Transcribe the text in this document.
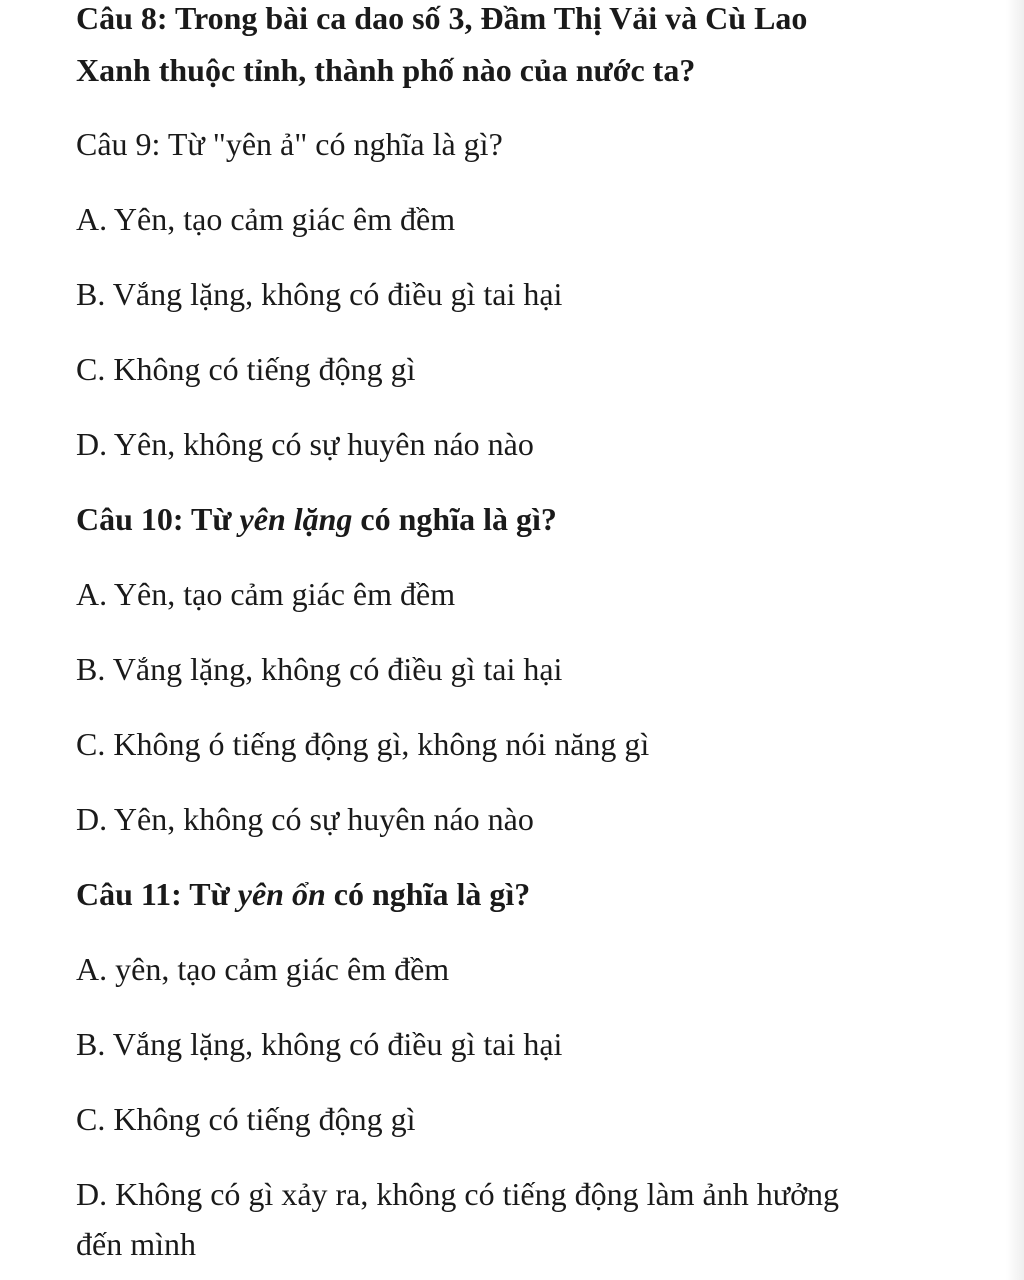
Câu 8: Trong bài ca dao số 3, Đầm Thị Vải và Cù Lao
Xanh thuộc tỉnh, thành phố nào của nước ta?
Câu 9: Từ "yên ả" có nghĩa là gì?
A. Yên, tạo cảm giác êm đềm
B. Vắng lặng, không có điều gì tai hại
C. Không có tiếng động gì
D. Yên, không có sự huyên náo nào
Câu 10: Từ yên lặng có nghĩa là gì?
A. Yên, tạo cảm giác êm đềm
B. Vắng lặng, không có điều gì tai hại
C. Không ó tiếng động gì, không nói năng gì
D. Yên, không có sự huyên náo nào
Câu 11: Từ yên ổn có nghĩa là gì?
A. yên, tạo cảm giác êm đềm
B. Vắng lặng, không có điều gì tai hại
C. Không có tiếng động gì
D. Không có gì xảy ra, không có tiếng động làm ảnh hưởng
đến mình
